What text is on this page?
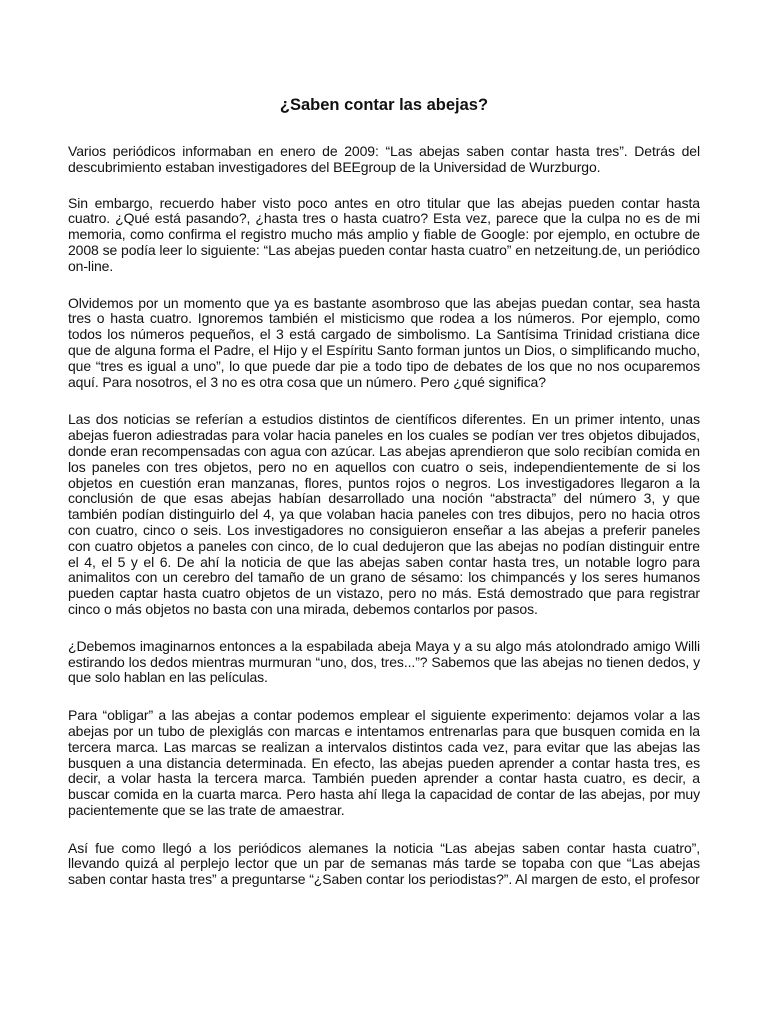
¿Saben contar las abejas?

Varios periódicos informaban en enero de 2009: “Las abejas saben contar hasta tres”. Detrás del descubrimiento estaban investigadores del BEEgroup de la Universidad de Wurzburgo.

Sin embargo, recuerdo haber visto poco antes en otro titular que las abejas pueden contar hasta cuatro. ¿Qué está pasando?, ¿hasta tres o hasta cuatro? Esta vez, parece que la culpa no es de mi memoria, como confirma el registro mucho más amplio y fiable de Google: por ejemplo, en octubre de 2008 se podía leer lo siguiente: “Las abejas pueden contar hasta cuatro” en netzeitung.de, un periódico on-line.

Olvidemos por un momento que ya es bastante asombroso que las abejas puedan contar, sea hasta tres o hasta cuatro. Ignoremos también el misticismo que rodea a los números. Por ejemplo, como todos los números pequeños, el 3 está cargado de simbolismo. La Santísima Trinidad cristiana dice que de alguna forma el Padre, el Hijo y el Espíritu Santo forman juntos un Dios, o simplificando mucho, que “tres es igual a uno”, lo que puede dar pie a todo tipo de debates de los que no nos ocuparemos aquí. Para nosotros, el 3 no es otra cosa que un número. Pero ¿qué significa?

Las dos noticias se referían a estudios distintos de científicos diferentes. En un primer intento, unas abejas fueron adiestradas para volar hacia paneles en los cuales se podían ver tres objetos dibujados, donde eran recompensadas con agua con azúcar. Las abejas aprendieron que solo recibían comida en los paneles con tres objetos, pero no en aquellos con cuatro o seis, independientemente de si los objetos en cuestión eran manzanas, flores, puntos rojos o negros. Los investigadores llegaron a la conclusión de que esas abejas habían desarrollado una noción “abstracta” del número 3, y que también podían distinguirlo del 4, ya que volaban hacia paneles con tres dibujos, pero no hacia otros con cuatro, cinco o seis. Los investigadores no consiguieron enseñar a las abejas a preferir paneles con cuatro objetos a paneles con cinco, de lo cual dedujeron que las abejas no podían distinguir entre el 4, el 5 y el 6. De ahí la noticia de que las abejas saben contar hasta tres, un notable logro para animalitos con un cerebro del tamaño de un grano de sésamo: los chimpancés y los seres humanos pueden captar hasta cuatro objetos de un vistazo, pero no más. Está demostrado que para registrar cinco o más objetos no basta con una mirada, debemos contarlos por pasos.

¿Debemos imaginarnos entonces a la espabilada abeja Maya y a su algo más atolondrado amigo Willi estirando los dedos mientras murmuran “uno, dos, tres...”? Sabemos que las abejas no tienen dedos, y que solo hablan en las películas.

Para “obligar” a las abejas a contar podemos emplear el siguiente experimento: dejamos volar a las abejas por un tubo de plexiglás con marcas e intentamos entrenarlas para que busquen comida en la tercera marca. Las marcas se realizan a intervalos distintos cada vez, para evitar que las abejas las busquen a una distancia determinada. En efecto, las abejas pueden aprender a contar hasta tres, es decir, a volar hasta la tercera marca. También pueden aprender a contar hasta cuatro, es decir, a buscar comida en la cuarta marca. Pero hasta ahí llega la capacidad de contar de las abejas, por muy pacientemente que se las trate de amaestrar.

Así fue como llegó a los periódicos alemanes la noticia “Las abejas saben contar hasta cuatro”, llevando quizá al perplejo lector que un par de semanas más tarde se topaba con que “Las abejas saben contar hasta tres” a preguntarse “¿Saben contar los periodistas?”. Al margen de esto, el profesor
